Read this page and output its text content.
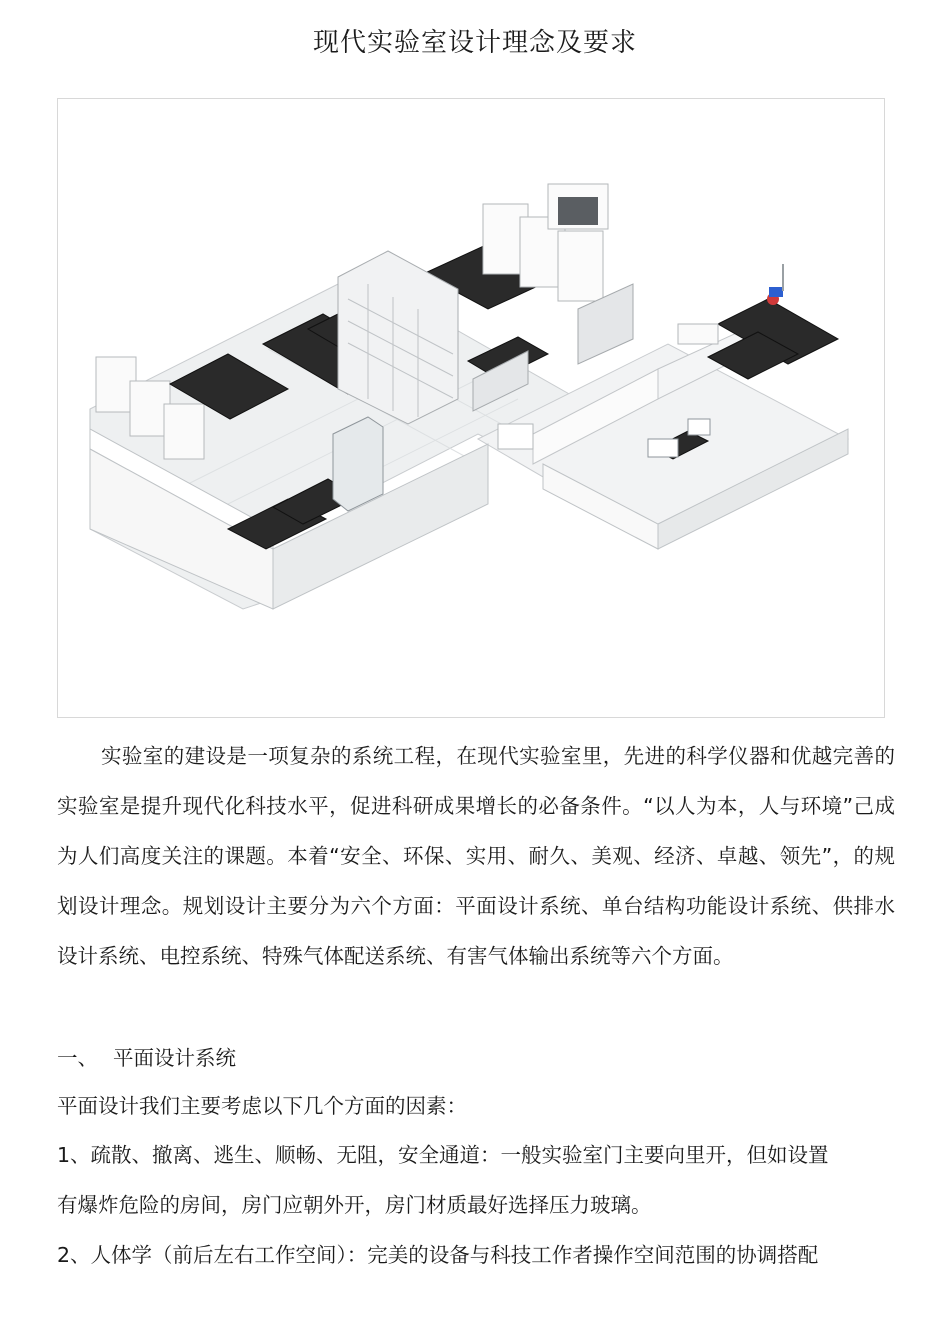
现代实验室设计理念及要求
实验室的建设是一项复杂的系统工程，在现代实验室里，先进的科学仪器和优越完善的实验室是提升现代化科技水平，促进科研成果增长的必备条件。“以人为本，人与环境”己成为人们高度关注的课题。本着“安全、环保、实用、耐久、美观、经济、卓越、领先”，的规划设计理念。规划设计主要分为六个方面：平面设计系统、单台结构功能设计系统、供排水设计系统、电控系统、特殊气体配送系统、有害气体输出系统等六个方面。
一、 平面设计系统
平面设计我们主要考虑以下几个方面的因素：
1、疏散、撤离、逃生、顺畅、无阻，安全通道：一般实验室门主要向里开，但如设置
有爆炸危险的房间，房门应朝外开，房门材质最好选择压力玻璃。
2、人体学（前后左右工作空间）：完美的设备与科技工作者操作空间范围的协调搭配
